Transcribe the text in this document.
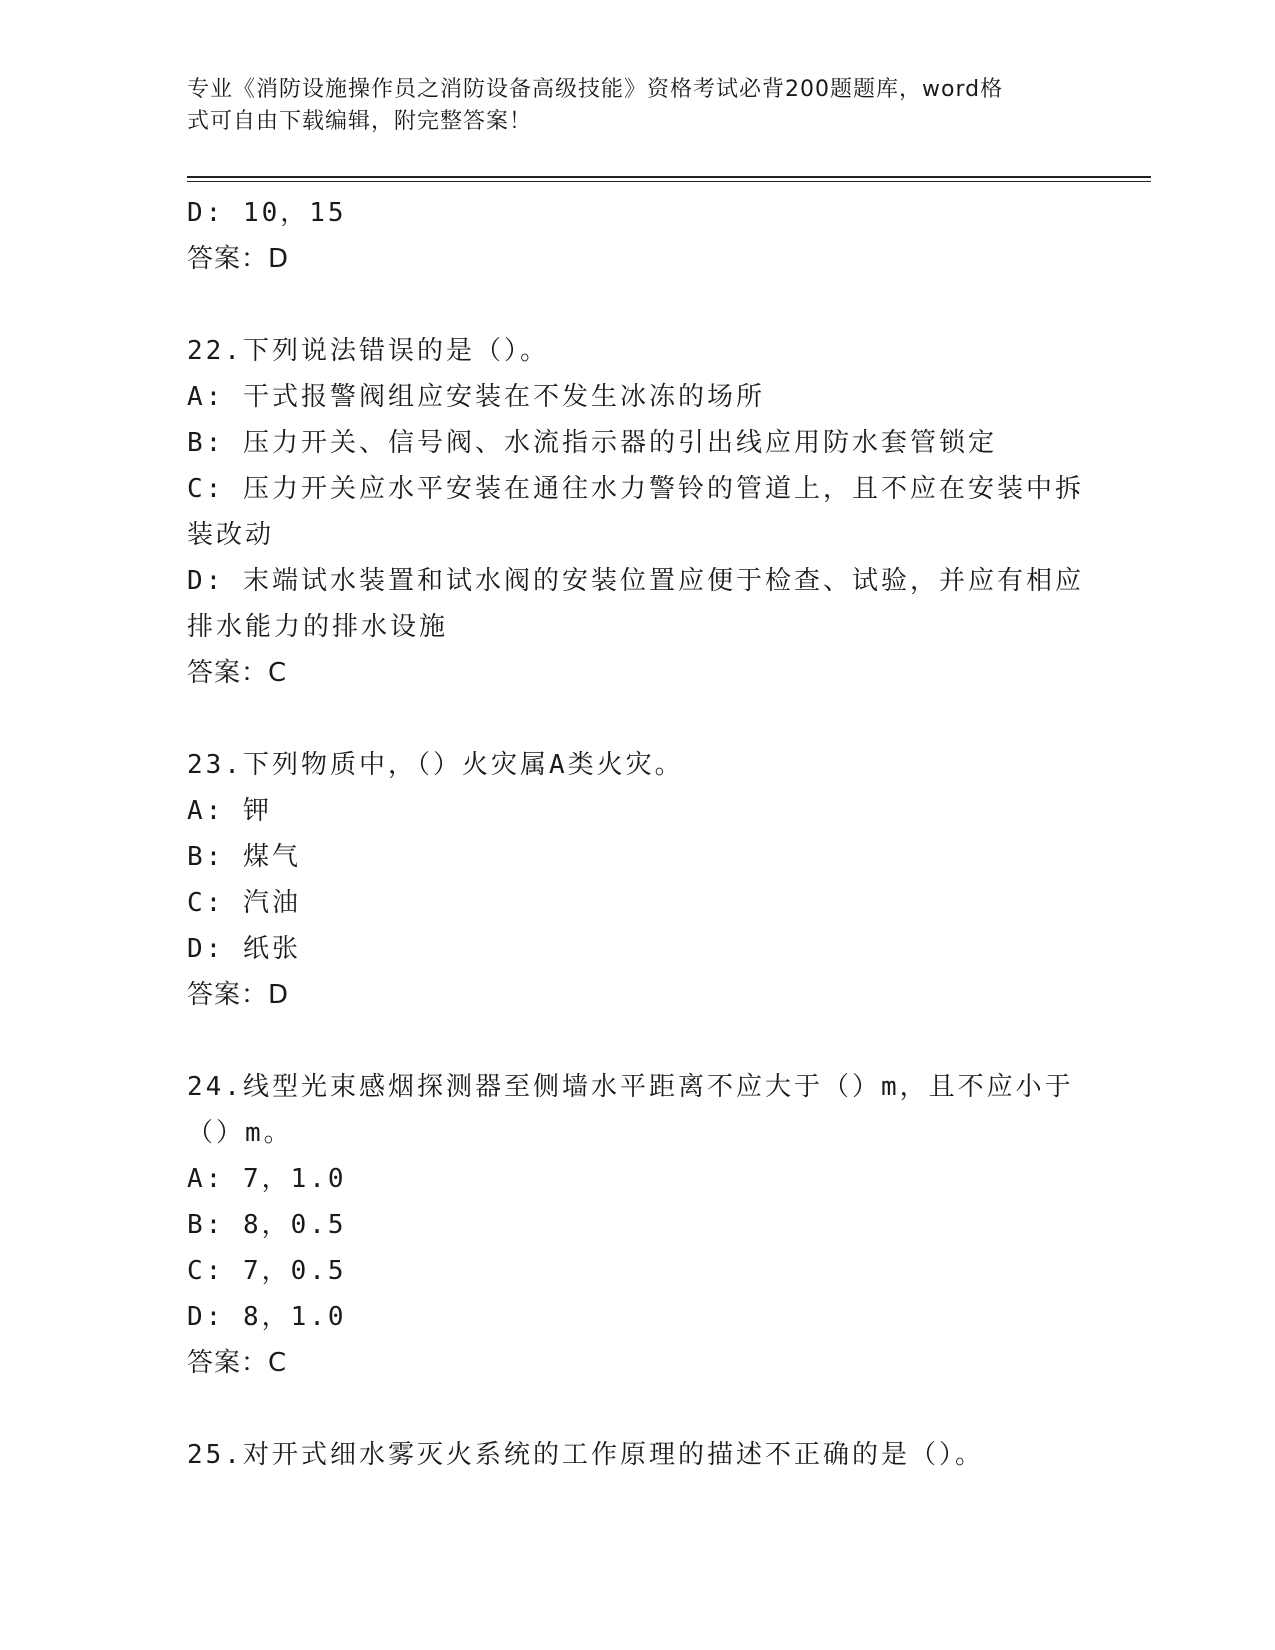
专业《消防设施操作员之消防设备高级技能》资格考试必背200题题库，word格
式可自由下载编辑，附完整答案！
D: 10，15
答案：D
22.下列说法错误的是（）。
A: 干式报警阀组应安装在不发生冰冻的场所
B: 压力开关、信号阀、水流指示器的引出线应用防水套管锁定
C: 压力开关应水平安装在通往水力警铃的管道上，且不应在安装中拆
装改动
D: 末端试水装置和试水阀的安装位置应便于检查、试验，并应有相应
排水能力的排水设施
答案：C
23.下列物质中，（）火灾属A类火灾。
A: 钾
B: 煤气
C: 汽油
D: 纸张
答案：D
24.线型光束感烟探测器至侧墙水平距离不应大于（）m，且不应小于
（）m。
A: 7，1.0
B: 8，0.5
C: 7，0.5
D: 8，1.0
答案：C
25.对开式细水雾灭火系统的工作原理的描述不正确的是（）。
